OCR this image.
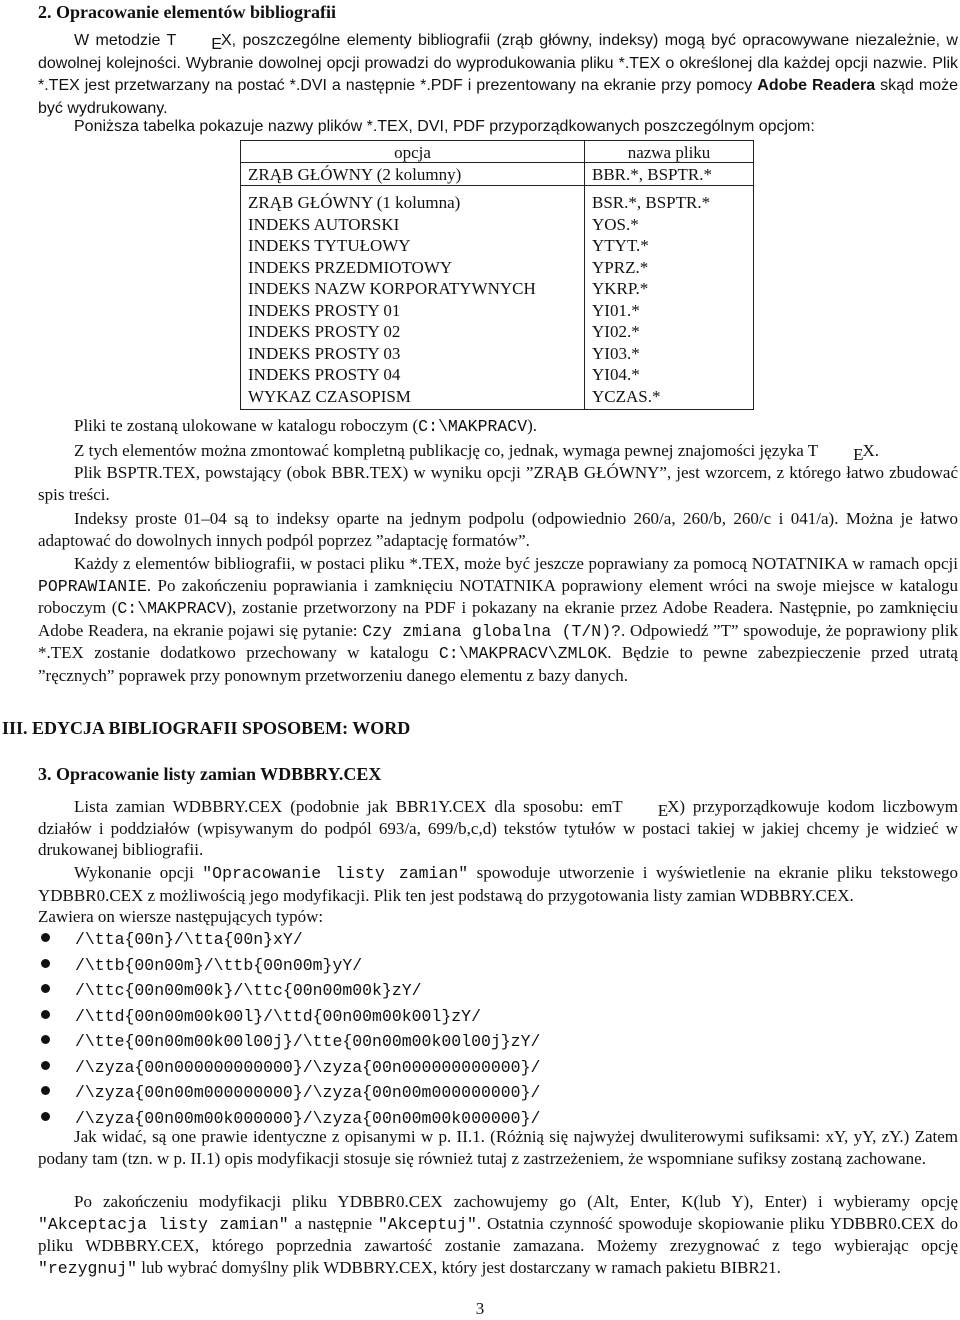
2. Opracowanie elementów bibliografii
W metodzie T EX, poszczególne elementy bibliografii (zrąb główny, indeksy) mogą być opracowywane niezależnie, w dowolnej kolejności. Wybranie dowolnej opcji prowadzi do wyprodukowania pliku *.TEX o określonej dla każdej opcji nazwie. Plik *.TEX jest przetwarzany na postać *.DVI a następnie *.PDF i prezentowany na ekranie przy pomocy Adobe Readera skąd może być wydrukowany.
Poniższa tabelka pokazuje nazwy plików *.TEX, DVI, PDF przyporządkowanych poszczególnym opcjom:
opcja	nazwa pliku
ZRĄB GŁÓWNY (2 kolumny)	BBR.*, BSPTR.*
ZRĄB GŁÓWNY (1 kolumna)	BSR.*, BSPTR.*
INDEKS AUTORSKI	YOS.*
INDEKS TYTUŁOWY	YTYT.*
INDEKS PRZEDMIOTOWY	YPRZ.*
INDEKS NAZW KORPORATYWNYCH	YKRP.*
INDEKS PROSTY 01	YI01.*
INDEKS PROSTY 02	YI02.*
INDEKS PROSTY 03	YI03.*
INDEKS PROSTY 04	YI04.*
WYKAZ CZASOPISM	YCZAS.*
Pliki te zostaną ulokowane w katalogu roboczym (C:\MAKPRACV).
Z tych elementów można zmontować kompletną publikację co, jednak, wymaga pewnej znajomości języka T EX.
Plik BSPTR.TEX, powstający (obok BBR.TEX) w wyniku opcji ”ZRĄB GŁÓWNY”, jest wzorcem, z którego łatwo zbudować spis treści.
Indeksy proste 01–04 są to indeksy oparte na jednym podpolu (odpowiednio 260/a, 260/b, 260/c i 041/a). Można je łatwo adaptować do dowolnych innych podpól poprzez ”adaptację formatów”.
Każdy z elementów bibliografii, w postaci pliku *.TEX, może być jeszcze poprawiany za pomocą NOTATNIKA w ramach opcji POPRAWIANIE. Po zakończeniu poprawiania i zamknięciu NOTATNIKA poprawiony element wróci na swoje miejsce w katalogu roboczym (C:\MAKPRACV), zostanie przetworzony na PDF i pokazany na ekranie przez Adobe Readera. Następnie, po zamknięciu Adobe Readera, na ekranie pojawi się pytanie: Czy zmiana globalna (T/N)?. Odpowiedź ”T” spowoduje, że poprawiony plik *.TEX zostanie dodatkowo przechowany w katalogu C:\MAKPRACV\ZMLOK. Będzie to pewne zabezpieczenie przed utratą ”ręcznych” poprawek przy ponownym przetworzeniu danego elementu z bazy danych.
III. EDYCJA BIBLIOGRAFII SPOSOBEM: WORD
3. Opracowanie listy zamian WDBBRY.CEX
Lista zamian WDBBRY.CEX (podobnie jak BBR1Y.CEX dla sposobu: emT EX) przyporządkowuje kodom liczbowym działów i poddziałów (wpisywanym do podpól 693/a, 699/b,c,d) tekstów tytułów w postaci takiej w jakiej chcemy je widzieć w drukowanej bibliografii.
Wykonanie opcji "Opracowanie listy zamian" spowoduje utworzenie i wyświetlenie na ekranie pliku tekstowego YDBBR0.CEX z możliwością jego modyfikacji. Plik ten jest podstawą do przygotowania listy zamian WDBBRY.CEX.
Zawiera on wiersze następujących typów:
/\tta{00n}/\tta{00n}xY/
/\ttb{00n00m}/\ttb{00n00m}yY/
/\ttc{00n00m00k}/\ttc{00n00m00k}zY/
/\ttd{00n00m00k00l}/\ttd{00n00m00k00l}zY/
/\tte{00n00m00k00l00j}/\tte{00n00m00k00l00j}zY/
/\zyza{00n000000000000}/\zyza{00n000000000000}/
/\zyza{00n00m000000000}/\zyza{00n00m000000000}/
/\zyza{00n00m00k000000}/\zyza{00n00m00k000000}/
Jak widać, są one prawie identyczne z opisanymi w p. II.1. (Różnią się najwyżej dwuliterowymi sufiksami: xY, yY, zY.) Zatem podany tam (tzn. w p. II.1) opis modyfikacji stosuje się również tutaj z zastrzeżeniem, że wspomniane sufiksy zostaną zachowane.
Po zakończeniu modyfikacji pliku YDBBR0.CEX zachowujemy go (Alt, Enter, K(lub Y), Enter) i wybieramy opcję "Akceptacja listy zamian" a następnie "Akceptuj". Ostatnia czynność spowoduje skopiowanie pliku YDBBR0.CEX do pliku WDBBRY.CEX, którego poprzednia zawartość zostanie zamazana. Możemy zrezygnować z tego wybierając opcję "rezygnuj" lub wybrać domyślny plik WDBBRY.CEX, który jest dostarczany w ramach pakietu BIBR21.
3
